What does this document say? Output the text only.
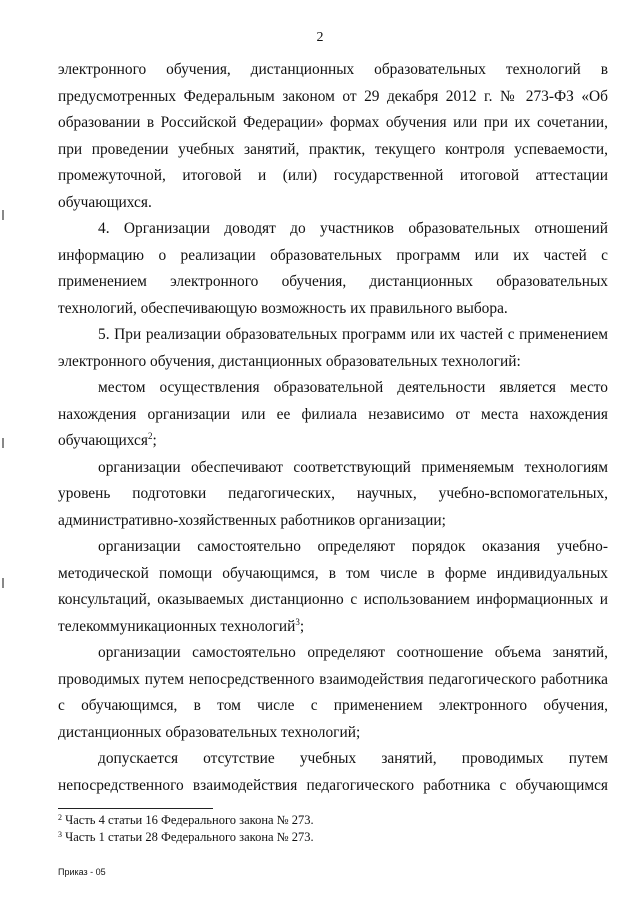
2

электронного обучения, дистанционных образовательных технологий в предусмотренных Федеральным законом от 29 декабря 2012 г. № 273-ФЗ «Об образовании в Российской Федерации» формах обучения или при их сочетании, при проведении учебных занятий, практик, текущего контроля успеваемости, промежуточной, итоговой и (или) государственной итоговой аттестации обучающихся.

4. Организации доводят до участников образовательных отношений информацию о реализации образовательных программ или их частей с применением электронного обучения, дистанционных образовательных технологий, обеспечивающую возможность их правильного выбора.

5. При реализации образовательных программ или их частей с применением электронного обучения, дистанционных образовательных технологий:

местом осуществления образовательной деятельности является место нахождения организации или ее филиала независимо от места нахождения обучающихся$^2$;

организации обеспечивают соответствующий применяемым технологиям уровень подготовки педагогических, научных, учебно-вспомогательных, административно-хозяйственных работников организации;

организации самостоятельно определяют порядок оказания учебно-методической помощи обучающимся, в том числе в форме индивидуальных консультаций, оказываемых дистанционно с использованием информационных и телекоммуникационных технологий$^3$;

организации самостоятельно определяют соотношение объема занятий, проводимых путем непосредственного взаимодействия педагогического работника с обучающимся, в том числе с применением электронного обучения, дистанционных образовательных технологий;

допускается отсутствие учебных занятий, проводимых путем непосредственного взаимодействия педагогического работника с обучающимся

$^2$ Часть 4 статьи 16 Федерального закона № 273.

$^3$ Часть 1 статьи 28 Федерального закона № 273.

Приказ - 05
